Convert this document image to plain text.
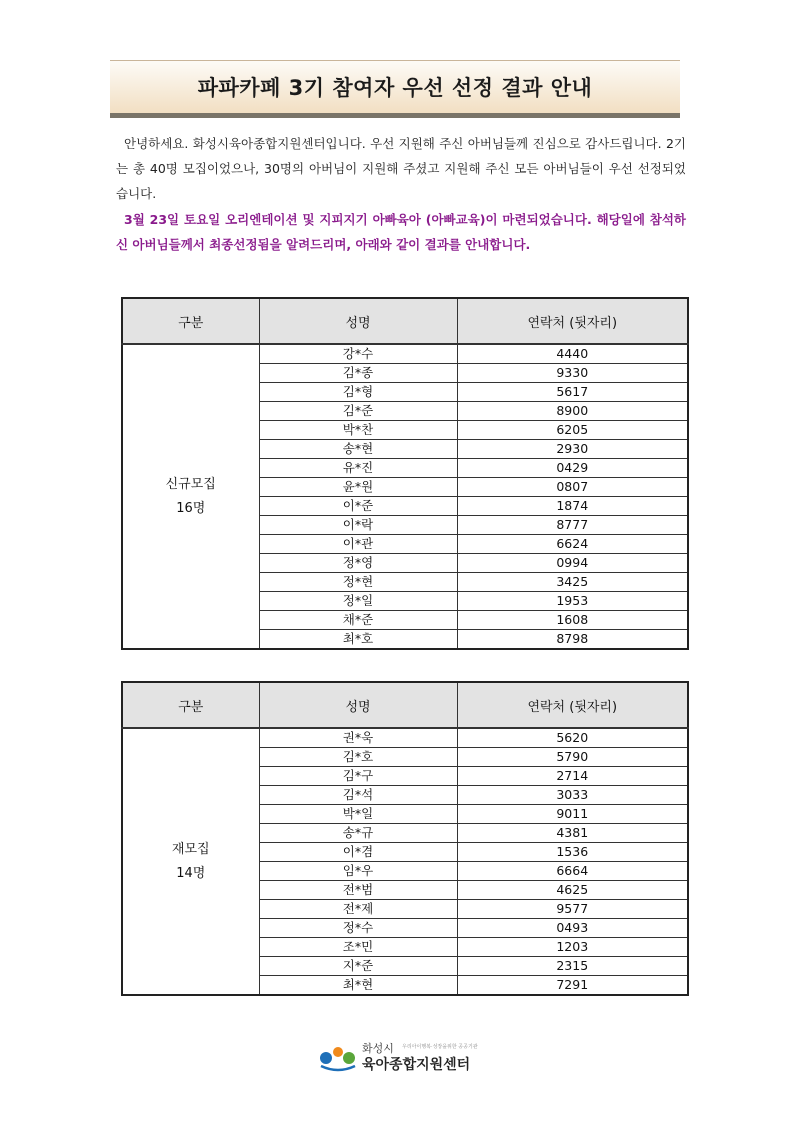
파파카페 3기 참여자 우선 선정 결과 안내

안녕하세요. 화성시육아종합지원센터입니다. 우선 지원해 주신 아버님들께 진심으로 감사드립니다. 2기는 총 40명 모집이었으나, 30명의 아버님이 지원해 주셨고 지원해 주신 모든 아버님들이 우선 선정되었습니다.

3월 23일 토요일 오리엔테이션 및 지피지기 아빠육아 (아빠교육)이 마련되었습니다. 해당일에 참석하신 아버님들께서 최종선정됨을 알려드리며, 아래와 같이 결과를 안내합니다.

구분	성명	연락처 (뒷자리)

신규모집
16명	강*수	4440
	김*종	9330
	김*형	5617
	김*준	8900
	박*찬	6205
	송*현	2930
	유*진	0429
	윤*원	0807
	이*준	1874
	이*락	8777
	이*관	6624
	정*영	0994
	정*현	3425
	정*일	1953
	채*준	1608
	최*호	8798
구분	성명	연락처 (뒷자리)

재모집
14명	권*욱	5620
	김*호	5790
	김*구	2714
	김*석	3033
	박*일	9011
	송*규	4381
	이*겸	1536
	임*우	6664
	전*범	4625
	전*제	9577
	정*수	0493
	조*민	1203
	지*준	2315
	최*현	7291
화성시 우리아이행복·성장을위한 공공기관
육아종합지원센터
